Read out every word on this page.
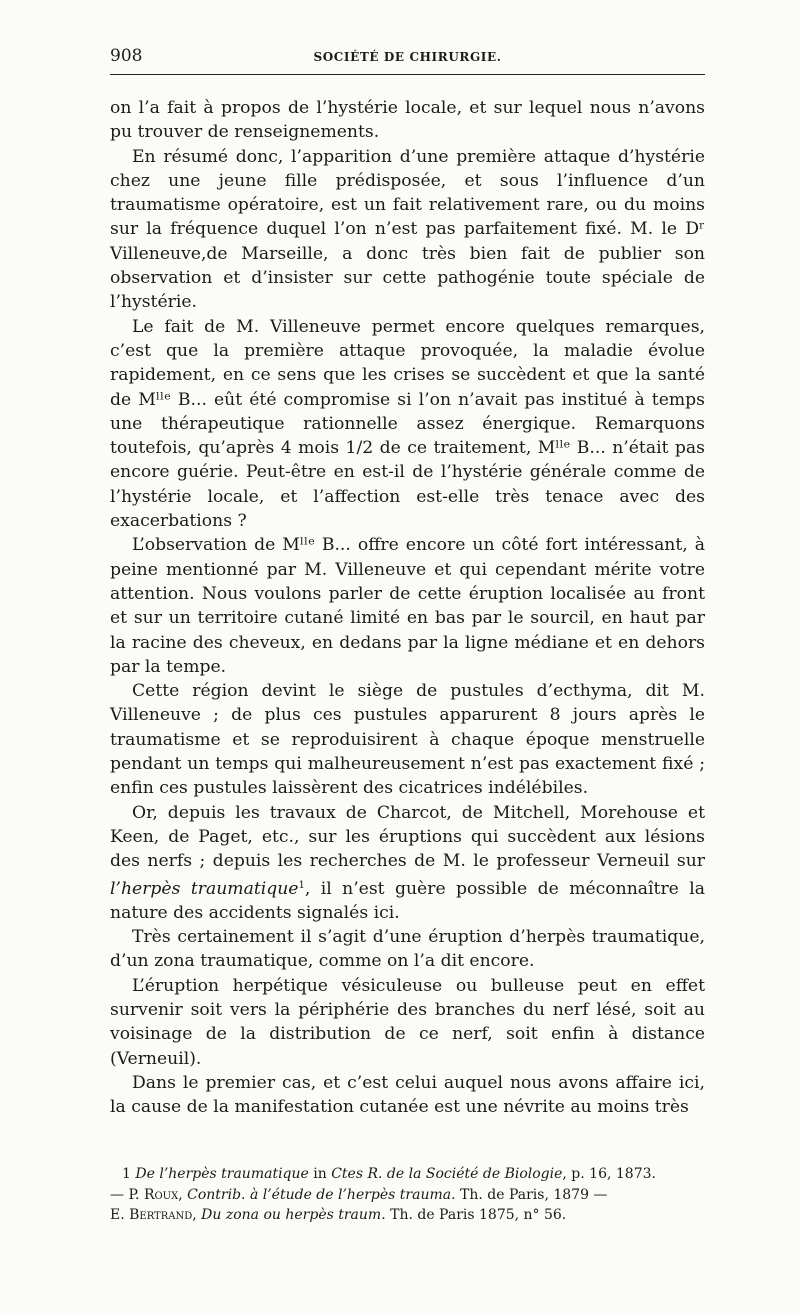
908	SOCIÉTÉ DE CHIRURGIE.

on l’a fait à propos de l’hystérie locale, et sur lequel nous n’avons pu trouver de renseignements.

En résumé donc, l’apparition d’une première attaque d’hystérie chez une jeune fille prédisposée, et sous l’influence d’un traumatisme opératoire, est un fait relativement rare, ou du moins sur la fréquence duquel l’on n’est pas parfaitement fixé. M. le Dʳ Villeneuve,de Marseille, a donc très bien fait de publier son observation et d’insister sur cette pathogénie toute spéciale de l’hystérie.

Le fait de M. Villeneuve permet encore quelques remarques, c’est que la première attaque provoquée, la maladie évolue rapidement, en ce sens que les crises se succèdent et que la santé de Mˡˡᵉ B... eût été compromise si l’on n’avait pas institué à temps une thérapeutique rationnelle assez énergique. Remarquons toutefois, qu’après 4 mois 1/2 de ce traitement, Mˡˡᵉ B... n’était pas encore guérie. Peut-être en est-il de l’hystérie générale comme de l’hystérie locale, et l’affection est-elle très tenace avec des exacerbations ?

L’observation de Mˡˡᵉ B... offre encore un côté fort intéressant, à peine mentionné par M. Villeneuve et qui cependant mérite votre attention. Nous voulons parler de cette éruption localisée au front et sur un territoire cutané limité en bas par le sourcil, en haut par la racine des cheveux, en dedans par la ligne médiane et en dehors par la tempe.

Cette région devint le siège de pustules d’ecthyma, dit M. Villeneuve ; de plus ces pustules apparurent 8 jours après le traumatisme et se reproduisirent à chaque époque menstruelle pendant un temps qui malheureusement n’est pas exactement fixé ; enfin ces pustules laissèrent des cicatrices indélébiles.

Or, depuis les travaux de Charcot, de Mitchell, Morehouse et Keen, de Paget, etc., sur les éruptions qui succèdent aux lésions des nerfs ; depuis les recherches de M. le professeur Verneuil sur l’herpès traumatique$^1$, il n’est guère possible de méconnaître la nature des accidents signalés ici.

Très certainement il s’agit d’une éruption d’herpès traumatique, d’un zona traumatique, comme on l’a dit encore.

L’éruption herpétique vésiculeuse ou bulleuse peut en effet survenir soit vers la périphérie des branches du nerf lésé, soit au voisinage de la distribution de ce nerf, soit enfin à distance (Verneuil).

Dans le premier cas, et c’est celui auquel nous avons affaire ici, la cause de la manifestation cutanée est une névrite au moins très

1 De l’herpès traumatique in Ctes R. de la Société de Biologie, p. 16, 1873.

— P. Roux, Contrib. à l’étude de l’herpès trauma. Th. de Paris, 1879 —

E. Bertrand, Du zona ou herpès traum. Th. de Paris 1875, n° 56.
